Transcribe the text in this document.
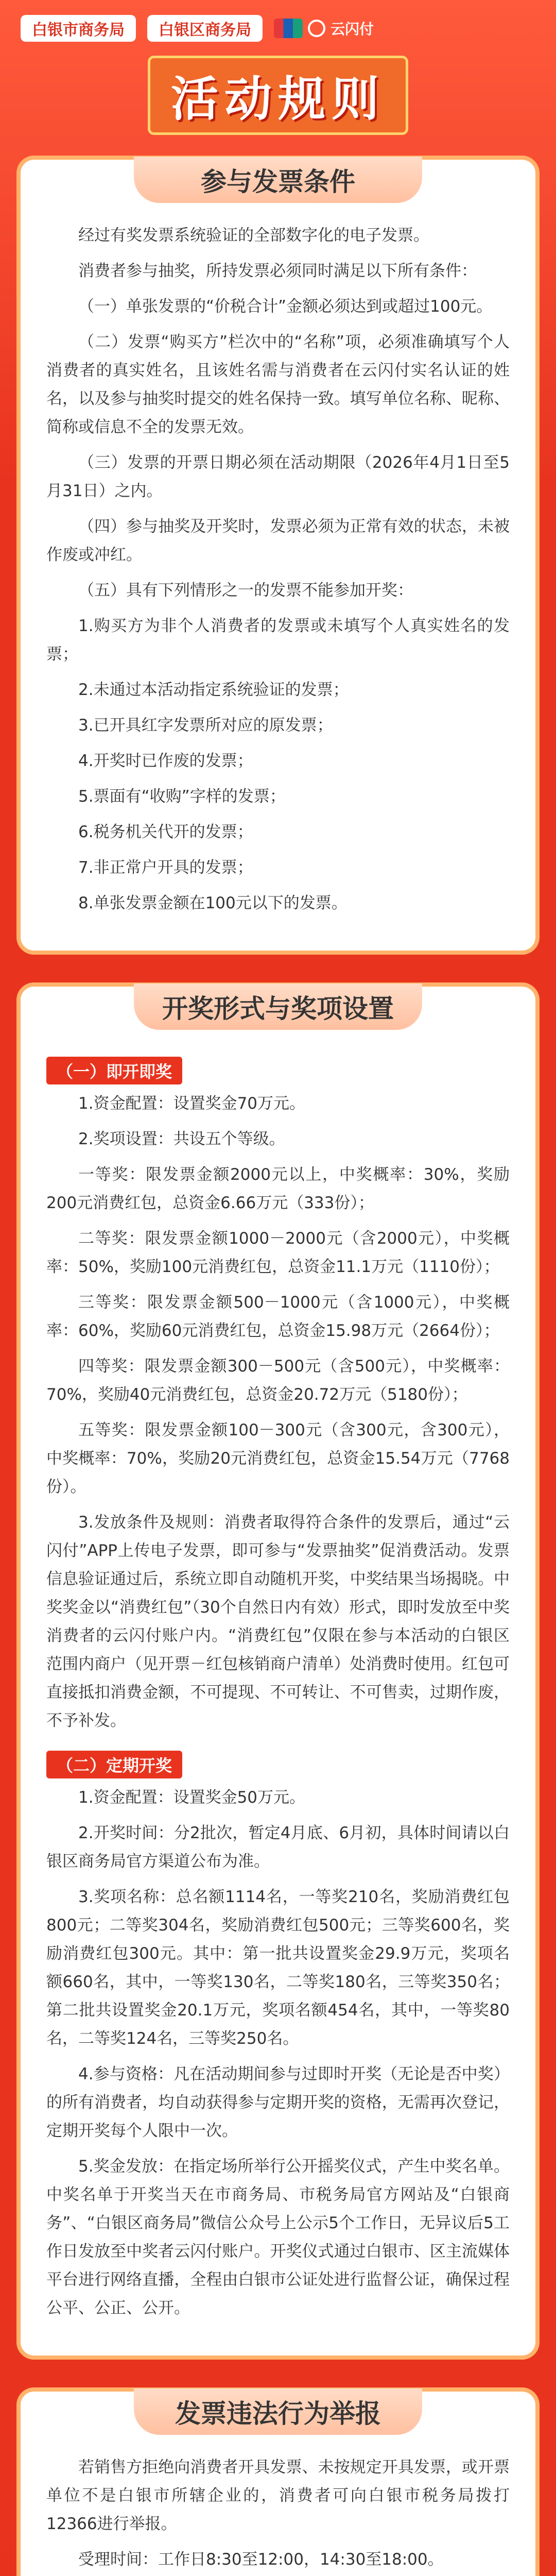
白银市商务局	白银区商务局	云闪付
活动规则
参与发票条件

经过有奖发票系统验证的全部数字化的电子发票。

消费者参与抽奖，所持发票必须同时满足以下所有条件：

（一）单张发票的“价税合计”金额必须达到或超过100元。

（二）发票“购买方”栏次中的“名称”项，必须准确填写个人消费者的真实姓名，且该姓名需与消费者在云闪付实名认证的姓名，以及参与抽奖时提交的姓名保持一致。填写单位名称、昵称、简称或信息不全的发票无效。

（三）发票的开票日期必须在活动期限（2026年4月1日至5月31日）之内。

（四）参与抽奖及开奖时，发票必须为正常有效的状态，未被作废或冲红。

（五）具有下列情形之一的发票不能参加开奖：

1.购买方为非个人消费者的发票或未填写个人真实姓名的发票；

2.未通过本活动指定系统验证的发票；

3.已开具红字发票所对应的原发票；

4.开奖时已作废的发票；

5.票面有“收购”字样的发票；

6.税务机关代开的发票；

7.非正常户开具的发票；

8.单张发票金额在100元以下的发票。

开奖形式与奖项设置
（一）即开即奖

1.资金配置：设置奖金70万元。

2.奖项设置：共设五个等级。

一等奖：限发票金额2000元以上，中奖概率：30%，奖励200元消费红包，总资金6.66万元（333份）；

二等奖：限发票金额1000－2000元（含2000元），中奖概率：50%，奖励100元消费红包，总资金11.1万元（1110份）；

三等奖：限发票金额500－1000元（含1000元），中奖概率：60%，奖励60元消费红包，总资金15.98万元（2664份）；

四等奖：限发票金额300－500元（含500元），中奖概率：70%，奖励40元消费红包，总资金20.72万元（5180份）；

五等奖：限发票金额100－300元（含300元，含300元），中奖概率：70%，奖励20元消费红包，总资金15.54万元（7768份）。

3.发放条件及规则：消费者取得符合条件的发票后，通过“云闪付”APP上传电子发票，即可参与“发票抽奖”促消费活动。发票信息验证通过后，系统立即自动随机开奖，中奖结果当场揭晓。中奖奖金以“消费红包”（30个自然日内有效）形式，即时发放至中奖消费者的云闪付账户内。“消费红包”仅限在参与本活动的白银区范围内商户（见开票－红包核销商户清单）处消费时使用。红包可直接抵扣消费金额，不可提现、不可转让、不可售卖，过期作废，不予补发。

（二）定期开奖

1.资金配置：设置奖金50万元。

2.开奖时间：分2批次，暂定4月底、6月初，具体时间请以白银区商务局官方渠道公布为准。

3.奖项名称：总名额1114名，一等奖210名，奖励消费红包800元；二等奖304名，奖励消费红包500元；三等奖600名，奖励消费红包300元。其中：第一批共设置奖金29.9万元，奖项名额660名，其中，一等奖130名，二等奖180名，三等奖350名；第二批共设置奖金20.1万元，奖项名额454名，其中，一等奖80名，二等奖124名，三等奖250名。

4.参与资格：凡在活动期间参与过即时开奖（无论是否中奖）的所有消费者，均自动获得参与定期开奖的资格，无需再次登记，定期开奖每个人限中一次。

5.奖金发放：在指定场所举行公开摇奖仪式，产生中奖名单。中奖名单于开奖当天在市商务局、市税务局官方网站及“白银商务”、“白银区商务局”微信公众号上公示5个工作日，无异议后5工作日发放至中奖者云闪付账户。开奖仪式通过白银市、区主流媒体平台进行网络直播，全程由白银市公证处进行监督公证，确保过程公平、公正、公开。

发票违法行为举报

若销售方拒绝向消费者开具发票、未按规定开具发票，或开票单位不是白银市所辖企业的，消费者可向白银市税务局拨打12366进行举报。

受理时间：工作日8:30至12:00，14:30至18:00。
